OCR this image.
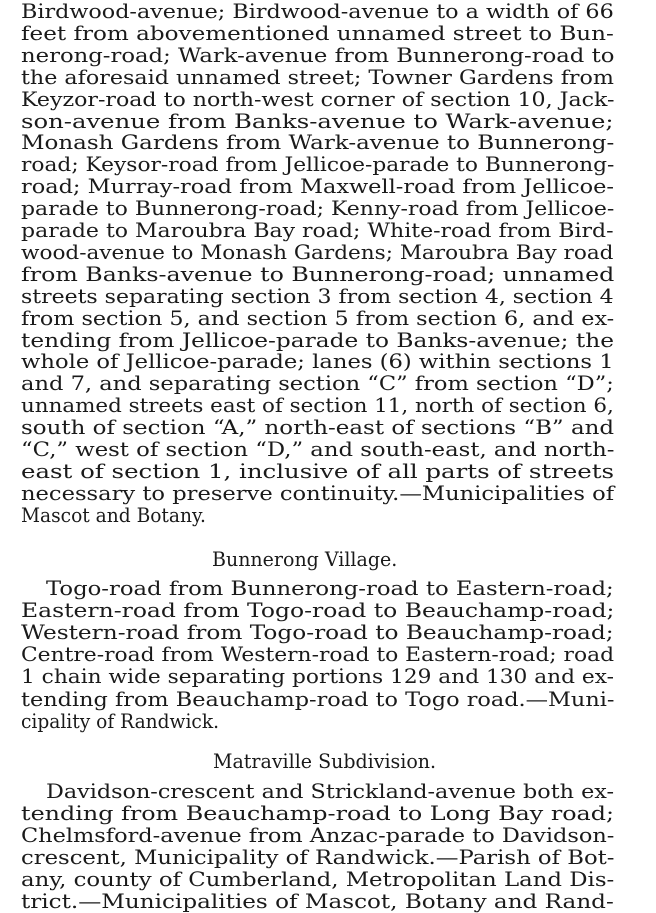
Birdwood-avenue; Birdwood-avenue to a width of 66
feet from abovementioned unnamed street to Bun-
nerong-road; Wark-avenue from Bunnerong-road to
the aforesaid unnamed street; Towner Gardens from
Keyzor-road to north-west corner of section 10, Jack-
son-avenue from Banks-avenue to Wark-avenue;
Monash Gardens from Wark-avenue to Bunnerong-
road; Keysor-road from Jellicoe-parade to Bunnerong-
road; Murray-road from Maxwell-road from Jellicoe-
parade to Bunnerong-road; Kenny-road from Jellicoe-
parade to Maroubra Bay road; White-road from Bird-
wood-avenue to Monash Gardens; Maroubra Bay road
from Banks-avenue to Bunnerong-road; unnamed
streets separating section 3 from section 4, section 4
from section 5, and section 5 from section 6, and ex-
tending from Jellicoe-parade to Banks-avenue; the
whole of Jellicoe-parade; lanes (6) within sections 1
and 7, and separating section “C” from section “D”;
unnamed streets east of section 11, north of section 6,
south of section “A,” north-east of sections “B” and
“C,” west of section “D,” and south-east, and north-
east of section 1, inclusive of all parts of streets
necessary to preserve continuity.—Municipalities of
Mascot and Botany.
Bunnerong Village.
Togo-road from Bunnerong-road to Eastern-road;
Eastern-road from Togo-road to Beauchamp-road;
Western-road from Togo-road to Beauchamp-road;
Centre-road from Western-road to Eastern-road; road
1 chain wide separating portions 129 and 130 and ex-
tending from Beauchamp-road to Togo road.—Muni-
cipality of Randwick.
Matraville Subdivision.
Davidson-crescent and Strickland-avenue both ex-
tending from Beauchamp-road to Long Bay road;
Chelmsford-avenue from Anzac-parade to Davidson-
crescent, Municipality of Randwick.—Parish of Bot-
any, county of Cumberland, Metropolitan Land Dis-
trict.—Municipalities of Mascot, Botany and Rand-
